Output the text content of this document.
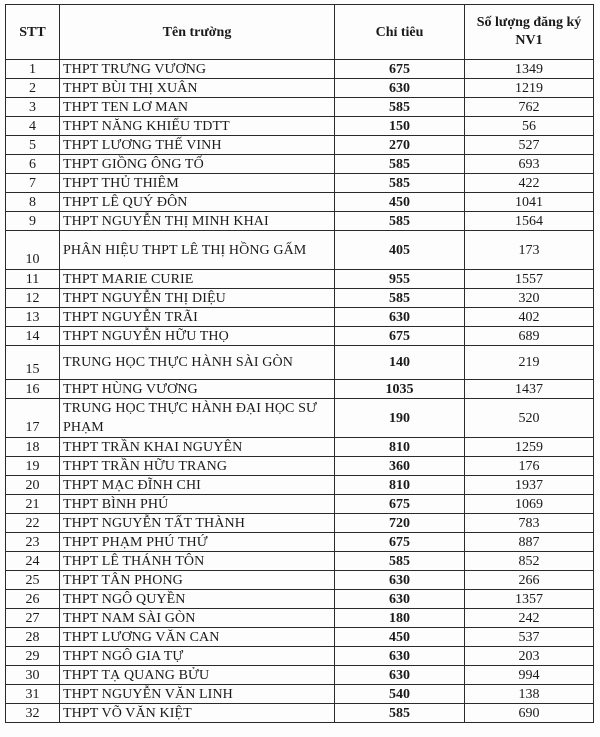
STT	Tên trường	Chỉ tiêu	Số lượng đăng ký NV1
1	THPT TRƯNG VƯƠNG	675	1349
2	THPT BÙI THỊ XUÂN	630	1219
3	THPT TEN LƠ MAN	585	762
4	THPT NĂNG KHIẾU TDTT	150	56
5	THPT LƯƠNG THẾ VINH	270	527
6	THPT GIỒNG ÔNG TỐ	585	693
7	THPT THỦ THIÊM	585	422
8	THPT LÊ QUÝ ĐÔN	450	1041
9	THPT NGUYỄN THỊ MINH KHAI	585	1564
10	PHÂN HIỆU THPT LÊ THỊ HỒNG GẤM	405	173
11	THPT MARIE CURIE	955	1557
12	THPT NGUYỄN THỊ DIỆU	585	320
13	THPT NGUYỄN TRÃI	630	402
14	THPT NGUYỄN HỮU THỌ	675	689
15	TRUNG HỌC THỰC HÀNH SÀI GÒN	140	219
16	THPT HÙNG VƯƠNG	1035	1437
17	TRUNG HỌC THỰC HÀNH ĐẠI HỌC SƯ PHẠM	190	520
18	THPT TRẦN KHAI NGUYÊN	810	1259
19	THPT TRẦN HỮU TRANG	360	176
20	THPT MẠC ĐĨNH CHI	810	1937
21	THPT BÌNH PHÚ	675	1069
22	THPT NGUYỄN TẤT THÀNH	720	783
23	THPT PHẠM PHÚ THỨ	675	887
24	THPT LÊ THÁNH TÔN	585	852
25	THPT TÂN PHONG	630	266
26	THPT NGÔ QUYỀN	630	1357
27	THPT NAM SÀI GÒN	180	242
28	THPT LƯƠNG VĂN CAN	450	537
29	THPT NGÔ GIA TỰ	630	203
30	THPT TẠ QUANG BỬU	630	994
31	THPT NGUYỄN VĂN LINH	540	138
32	THPT VÕ VĂN KIỆT	585	690
